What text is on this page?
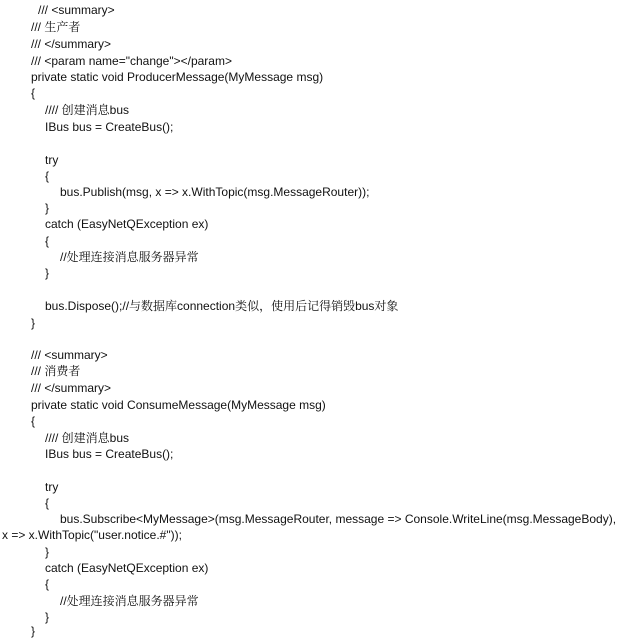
/// <summary>
/// 生产者
/// </summary>
/// <param name="change"></param>
private static void ProducerMessage(MyMessage msg)
{
//// 创建消息bus
IBus bus = CreateBus();
try
{
bus.Publish(msg, x => x.WithTopic(msg.MessageRouter));
}
catch (EasyNetQException ex)
{
//处理连接消息服务器异常
}
bus.Dispose();//与数据库connection类似，使用后记得销毁bus对象
}
/// <summary>
/// 消费者
/// </summary>
private static void ConsumeMessage(MyMessage msg)
{
//// 创建消息bus
IBus bus = CreateBus();
try
{
bus.Subscribe<MyMessage>(msg.MessageRouter, message => Console.WriteLine(msg.MessageBody),
x => x.WithTopic("user.notice.#"));
}
catch (EasyNetQException ex)
{
//处理连接消息服务器异常
}
}
